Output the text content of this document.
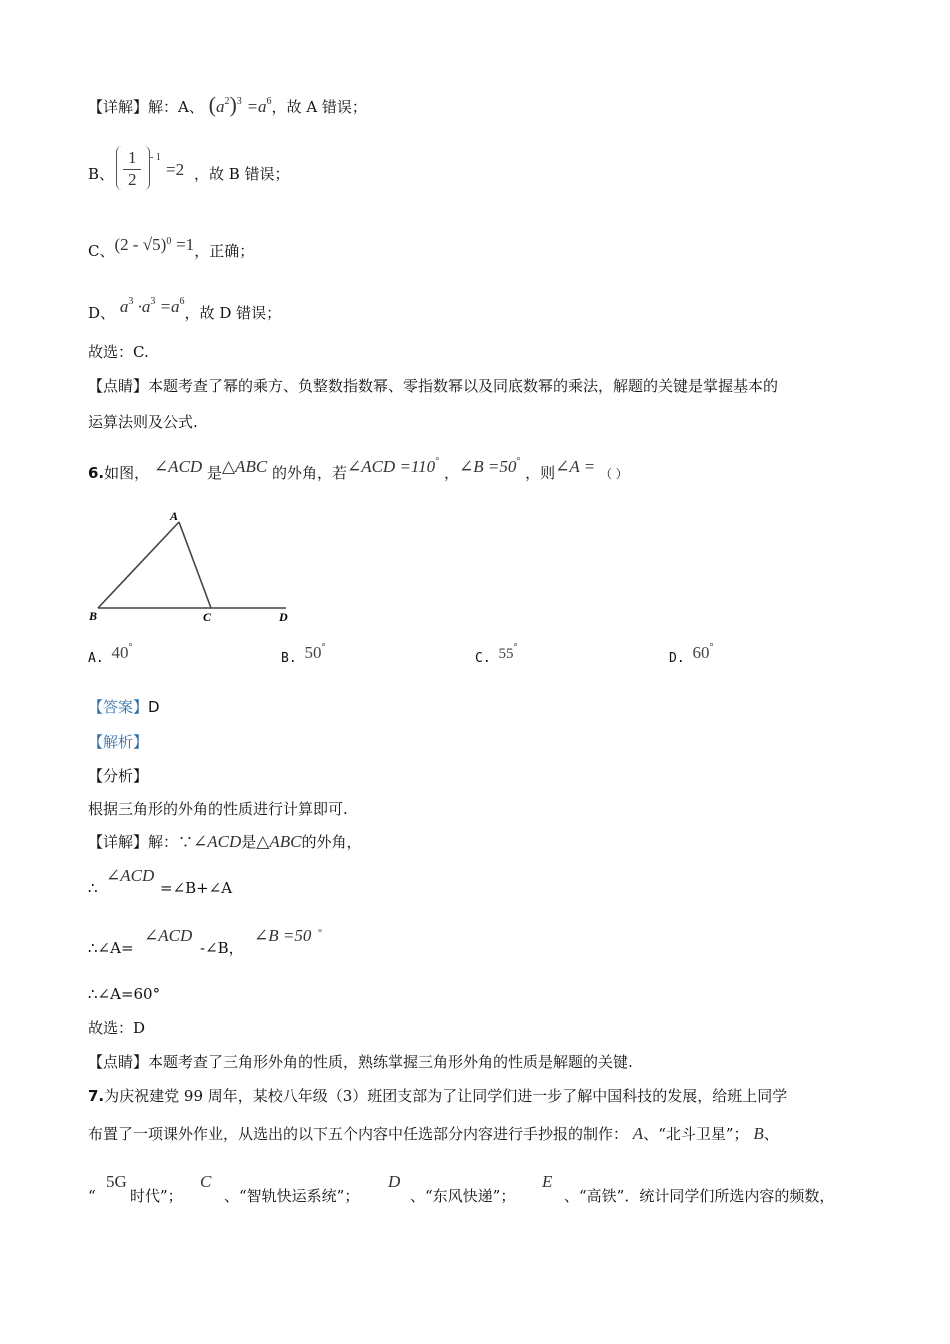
【详解】解：A、 $(a^2)^3 =a^6$，故 A 错误；
B、
1
2
- 1
=2 ，故 B 错误；
C、(2 - √5)$^0$ =1，正确；
D、 $a^3 \cdot a^3 =a^6$，故 D 错误；
故选：C.
【点睛】本题考查了幂的乘方、负整数指数幂、零指数幂以及同底数幂的乘法，解题的关键是掌握基本的
运算法则及公式.
6.如图， ∠ACD 是△ABC 的外角，若∠ACD =110° ，∠B =50° ，则∠A = （ ）
A
B	C	D
A. 40°
B. 50°
C. 55°
D. 60°
【答案】D
【解析】
【分析】
根据三角形的外角的性质进行计算即可.
【详解】解：∵∠ACD是△ABC的外角，
∴
∠ACD
=∠B+∠A
∴∠A=
∠ACD
-∠B，
∠B =50 °
∴∠A=60°
故选：D
【点睛】本题考查了三角形外角的性质，熟练掌握三角形外角的性质是解题的关键.
7.为庆祝建党 99 周年，某校八年级（3）班团支部为了让同学们进一步了解中国科技的发展，给班上同学
布置了一项课外作业，从选出的以下五个内容中任选部分内容进行手抄报的制作： A、“北斗卫星”； B、
“
5G
时代”；
C
、“智轨快运系统”；
D
、“东风快递”；
E
、“高铁”．统计同学们所选内容的频数，
